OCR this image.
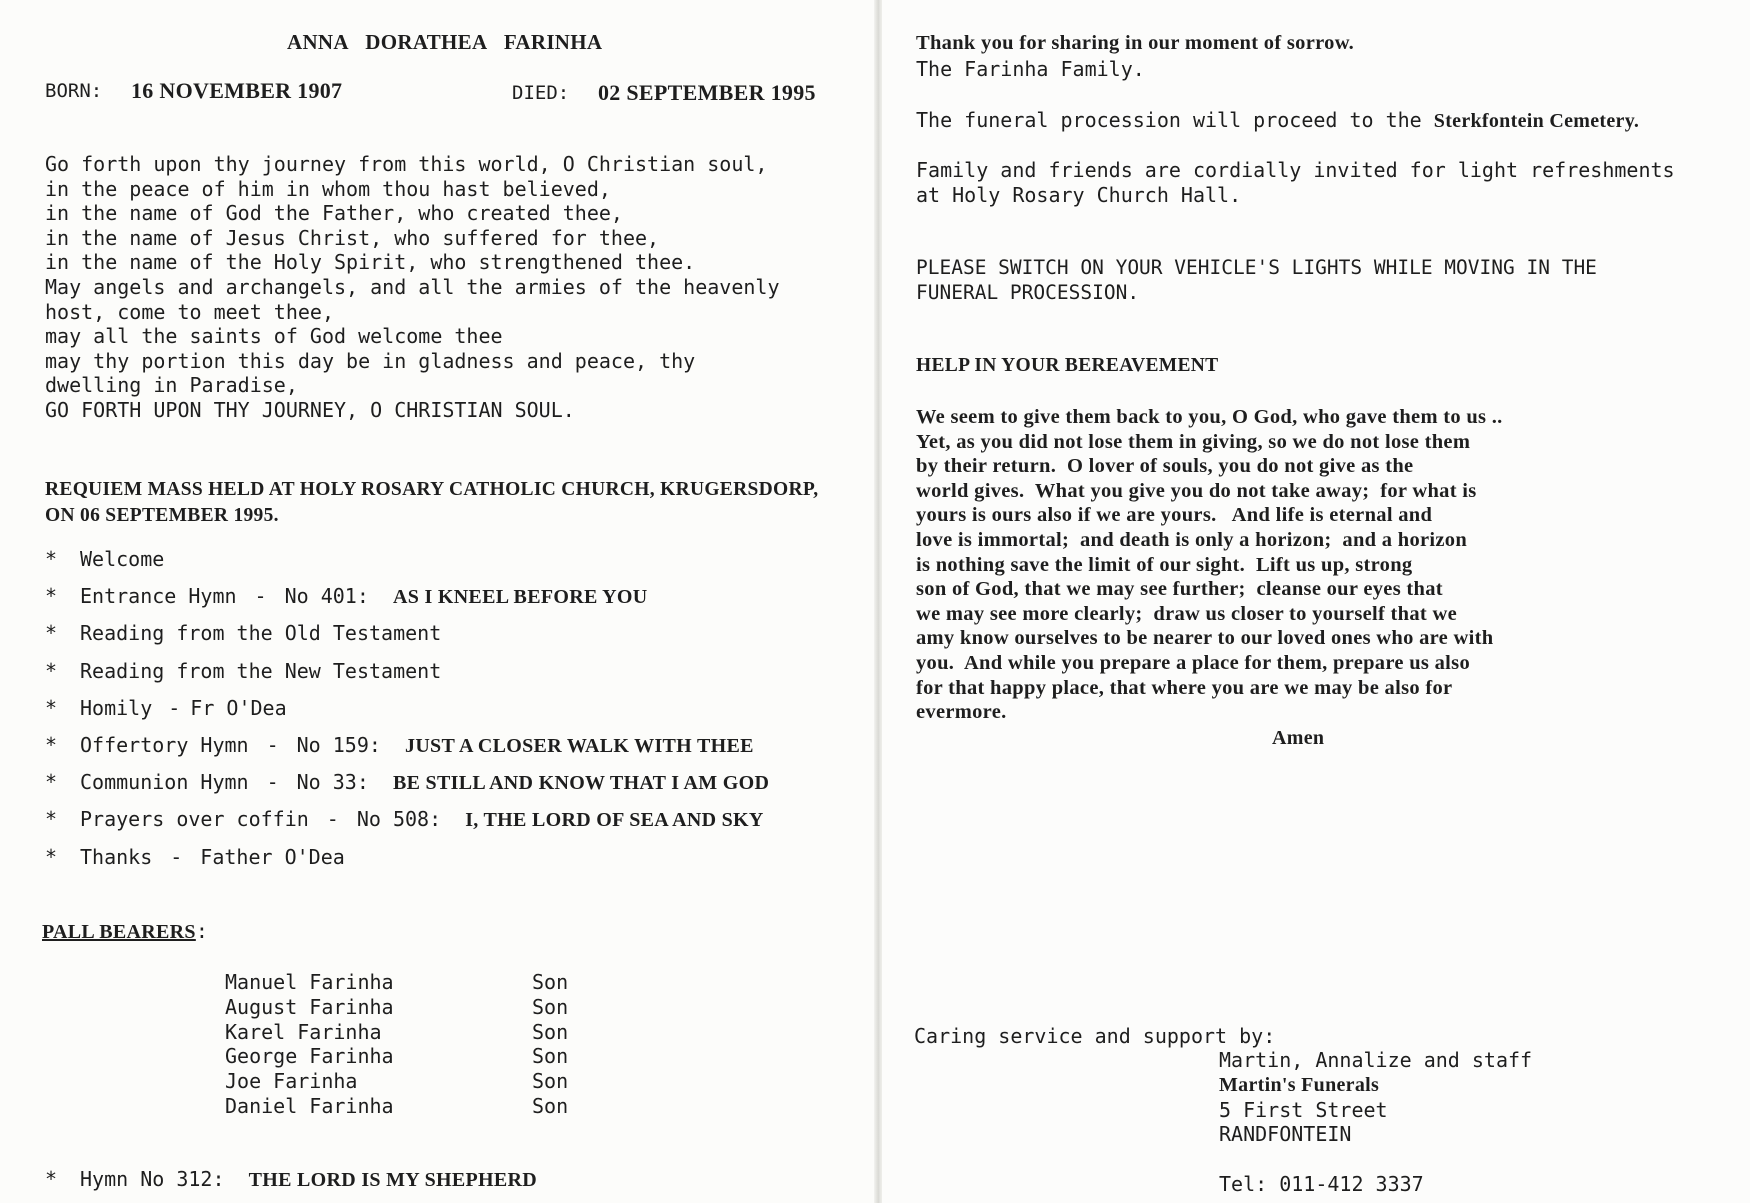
ANNA DORATHEA FARINHA
BORN: 16 NOVEMBER 1907	DIED: 02 SEPTEMBER 1995
Go forth upon thy journey from this world, O Christian soul,
in the peace of him in whom thou hast believed,
in the name of God the Father, who created thee,
in the name of Jesus Christ, who suffered for thee,
in the name of the Holy Spirit, who strengthened thee.
May angels and archangels, and all the armies of the heavenly
host, come to meet thee,
may all the saints of God welcome thee
may thy portion this day be in gladness and peace, thy
dwelling in Paradise,
GO FORTH UPON THY JOURNEY, O CHRISTIAN SOUL.
REQUIEM MASS HELD AT HOLY ROSARY CATHOLIC CHURCH, KRUGERSDORP,
ON 06 SEPTEMBER 1995.
*	Welcome
*	Entrance Hymn - No 401:
AS I KNEEL BEFORE YOU
*	Reading from the Old Testament
*	Reading from the New Testament
*	Homily - Fr O'Dea
*	Offertory Hymn - No 159:
JUST A CLOSER WALK WITH THEE
*	Communion Hymn - No 33:
BE STILL AND KNOW THAT I AM GOD
*	Prayers over coffin - No 508:
I, THE LORD OF SEA AND SKY
*	Thanks - Father O'Dea
PALL BEARERS:
Manuel Farinha	Son
August Farinha	Son
Karel Farinha	Son
George Farinha	Son
Joe Farinha	Son
Daniel Farinha	Son
* Hymn No 312: THE LORD IS MY SHEPHERD
Thank you for sharing in our moment of sorrow.
The Farinha Family.
The funeral procession will proceed to the Sterkfontein Cemetery.
Family and friends are cordially invited for light refreshments
at Holy Rosary Church Hall.
PLEASE SWITCH ON YOUR VEHICLE'S LIGHTS WHILE MOVING IN THE
FUNERAL PROCESSION.
HELP IN YOUR BEREAVEMENT
We seem to give them back to you, O God, who gave them to us ..
Yet, as you did not lose them in giving, so we do not lose them
by their return.  O lover of souls, you do not give as the
world gives.  What you give you do not take away;  for what is
yours is ours also if we are yours.   And life is eternal and
love is immortal;  and death is only a horizon;  and a horizon
is nothing save the limit of our sight.  Lift us up, strong
son of God, that we may see further;  cleanse our eyes that
we may see more clearly;  draw us closer to yourself that we
amy know ourselves to be nearer to our loved ones who are with
you.  And while you prepare a place for them, prepare us also
for that happy place, that where you are we may be also for
evermore.
Amen
Caring service and support by:
Martin, Annalize and staff
Martin's Funerals
5 First Street
RANDFONTEIN
Tel: 011-412 3337
